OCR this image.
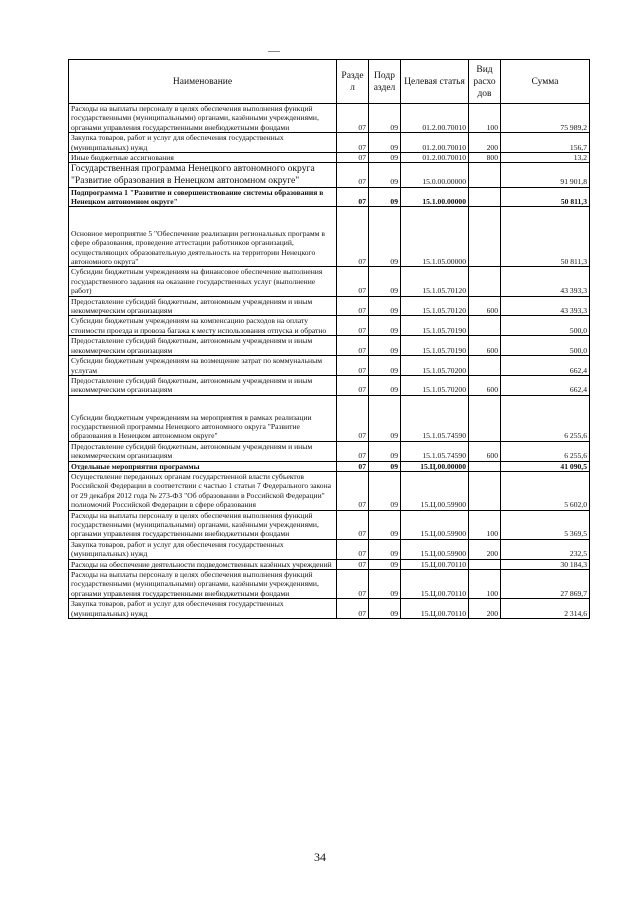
Наименование	Разде л	Подр аздел	Целевая статья	Вид расхо дов	Сумма
Расходы на выплаты персоналу в целях обеспечения выполнения функций государственными (муниципальными) органами, казёнными учреждениями, органами управления государственными внебюджетными фондами	07	09	01.2.00.70010	100	75 989,2
Закупка товаров, работ и услуг для обеспечения государственных (муниципальных) нужд	07	09	01.2.00.70010	200	156,7
Иные бюджетные ассигнования	07	09	01.2.00.70010	800	13,2
Государственная программа Ненецкого автономного округа "Развитие образования в Ненецком автономном округе"	07	09	15.0.00.00000		91 901,8
Подпрограмма 1 "Развитие и совершенствование системы образования в Ненецком автономном округе"	07	09	15.1.00.00000		50 811,3
Основное мероприятие 5 "Обеспечение реализации региональных программ в сфере образования, проведение аттестации работников организаций, осуществляющих образовательную деятельность на территории Ненецкого автономного округа"	07	09	15.1.05.00000		50 811,3
Субсидии бюджетным учреждениям на финансовое обеспечение выполнения государственного задания на оказание государственных услуг (выполнение работ)	07	09	15.1.05.70120		43 393,3
Предоставление субсидий бюджетным, автономным учреждениям и иным некоммерческим организациям	07	09	15.1.05.70120	600	43 393,3
Субсидии бюджетным учреждениям на компенсацию расходов на оплату стоимости проезда и провоза багажа к месту использования отпуска и обратно	07	09	15.1.05.70190		500,0
Предоставление субсидий бюджетным, автономным учреждениям и иным некоммерческим организациям	07	09	15.1.05.70190	600	500,0
Субсидии бюджетным учреждениям на возмещение затрат по коммунальным услугам	07	09	15.1.05.70200		662,4
Предоставление субсидий бюджетным, автономным учреждениям и иным некоммерческим организациям	07	09	15.1.05.70200	600	662,4
Субсидии бюджетным учреждениям на мероприятия в рамках реализации государственной программы Ненецкого автономного округа "Развитие образования в Ненецком автономном округе"	07	09	15.1.05.74590		6 255,6
Предоставление субсидий бюджетным, автономным учреждениям и иным некоммерческим организациям	07	09	15.1.05.74590	600	6 255,6
Отдельные мероприятия программы	07	09	15.Ц.00.00000		41 090,5
Осуществление переданных органам государственной власти субъектов Российской Федерации в соответствии с частью 1 статьи 7 Федерального закона от 29 декабря 2012 года № 273-ФЗ "Об образовании в Российской Федерации" полномочий Российской Федерации в сфере образования	07	09	15.Ц.00.59900		5 602,0
Расходы на выплаты персоналу в целях обеспечения выполнения функций государственными (муниципальными) органами, казёнными учреждениями, органами управления государственными внебюджетными фондами	07	09	15.Ц.00.59900	100	5 369,5
Закупка товаров, работ и услуг для обеспечения государственных (муниципальных) нужд	07	09	15.Ц.00.59900	200	232,5
Расходы на обеспечение деятельности подведомственных казённых учреждений	07	09	15.Ц.00.70110		30 184,3
Расходы на выплаты персоналу в целях обеспечения выполнения функций государственными (муниципальными) органами, казёнными учреждениями, органами управления государственными внебюджетными фондами	07	09	15.Ц.00.70110	100	27 869,7
Закупка товаров, работ и услуг для обеспечения государственных (муниципальных) нужд	07	09	15.Ц.00.70110	200	2 314,6
34
